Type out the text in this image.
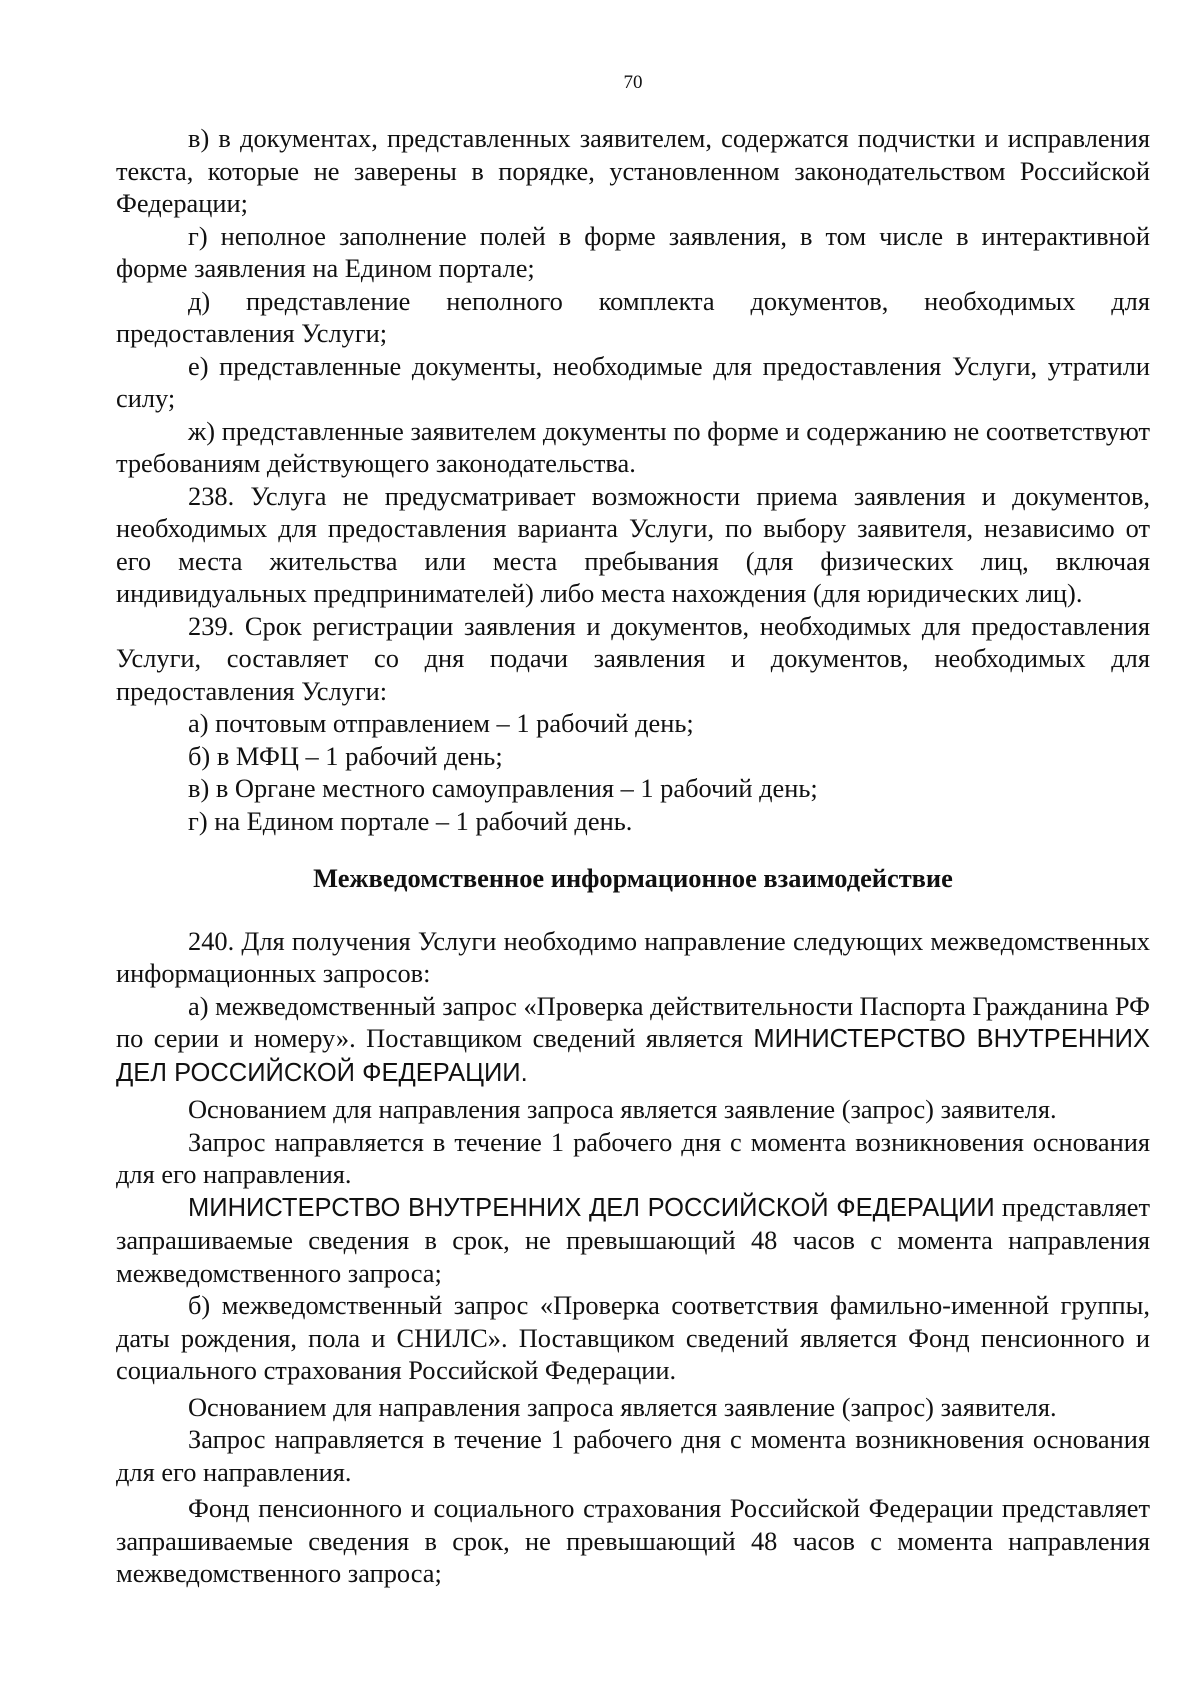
70

в) в документах, представленных заявителем, содержатся подчистки и исправления текста, которые не заверены в порядке, установленном законодательством Российской Федерации;

г) неполное заполнение полей в форме заявления, в том числе в интерактивной форме заявления на Едином портале;

д) представление неполного комплекта документов, необходимых для предоставления Услуги;

е) представленные документы, необходимые для предоставления Услуги, утратили силу;

ж) представленные заявителем документы по форме и содержанию не соответствуют требованиям действующего законодательства.

238. Услуга не предусматривает возможности приема заявления и документов, необходимых для предоставления варианта Услуги, по выбору заявителя, независимо от его места жительства или места пребывания (для физических лиц, включая индивидуальных предпринимателей) либо места нахождения (для юридических лиц).

239. Срок регистрации заявления и документов, необходимых для предоставления Услуги, составляет со дня подачи заявления и документов, необходимых для предоставления Услуги:

а) почтовым отправлением – 1 рабочий день;

б) в МФЦ – 1 рабочий день;

в) в Органе местного самоуправления – 1 рабочий день;

г) на Едином портале – 1 рабочий день.

Межведомственное информационное взаимодействие

240. Для получения Услуги необходимо направление следующих межведомственных информационных запросов:

а) межведомственный запрос «Проверка действительности Паспорта Гражданина РФ по серии и номеру». Поставщиком сведений является МИНИСТЕРСТВО ВНУТРЕННИХ ДЕЛ РОССИЙСКОЙ ФЕДЕРАЦИИ.

Основанием для направления запроса является заявление (запрос) заявителя.

Запрос направляется в течение 1 рабочего дня с момента возникновения основания для его направления.

МИНИСТЕРСТВО ВНУТРЕННИХ ДЕЛ РОССИЙСКОЙ ФЕДЕРАЦИИ представляет запрашиваемые сведения в срок, не превышающий 48 часов с момента направления межведомственного запроса;

б) межведомственный запрос «Проверка соответствия фамильно-именной группы, даты рождения, пола и СНИЛС». Поставщиком сведений является Фонд пенсионного и социального страхования Российской Федерации.

Основанием для направления запроса является заявление (запрос) заявителя.

Запрос направляется в течение 1 рабочего дня с момента возникновения основания для его направления.

Фонд пенсионного и социального страхования Российской Федерации представляет запрашиваемые сведения в срок, не превышающий 48 часов с момента направления межведомственного запроса;
